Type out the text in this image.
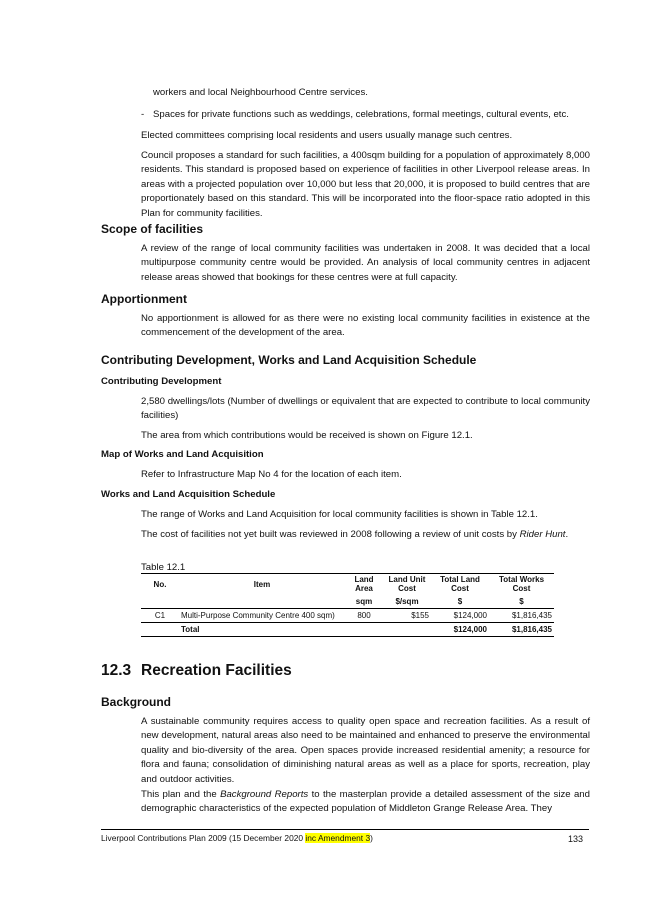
workers and local Neighbourhood Centre services.
- Spaces for private functions such as weddings, celebrations, formal meetings, cultural events, etc.
Elected committees comprising local residents and users usually manage such centres.
Council proposes a standard for such facilities, a 400sqm building for a population of approximately 8,000 residents. This standard is proposed based on experience of facilities in other Liverpool release areas. In areas with a projected population over 10,000 but less that 20,000, it is proposed to build centres that are proportionately based on this standard. This will be incorporated into the floor-space ratio adopted in this Plan for community facilities.
Scope of facilities
A review of the range of local community facilities was undertaken in 2008. It was decided that a local multipurpose community centre would be provided. An analysis of local community centres in adjacent release areas showed that bookings for these centres were at full capacity.
Apportionment
No apportionment is allowed for as there were no existing local community facilities in existence at the commencement of the development of the area.
Contributing Development, Works and Land Acquisition Schedule
Contributing Development
2,580 dwellings/lots (Number of dwellings or equivalent that are expected to contribute to local community facilities)
The area from which contributions would be received is shown on Figure 12.1.
Map of Works and Land Acquisition
Refer to Infrastructure Map No 4 for the location of each item.
Works and Land Acquisition Schedule
The range of Works and Land Acquisition for local community facilities is shown in Table 12.1.
The cost of facilities not yet built was reviewed in 2008 following a review of unit costs by Rider Hunt.
Table 12.1
No.	Item	Land Area	Land Unit Cost	Total Land Cost	Total Works Cost
		sqm	$/sqm	$	$
C1	Multi-Purpose Community Centre 400 sqm)	800	$155	$124,000	$1,816,435
	Total			$124,000	$1,816,435
12.3 Recreation Facilities
Background
A sustainable community requires access to quality open space and recreation facilities. As a result of new development, natural areas also need to be maintained and enhanced to preserve the environmental quality and bio-diversity of the area. Open spaces provide increased residential amenity; a resource for flora and fauna; consolidation of diminishing natural areas as well as a place for sports, recreation, play and outdoor activities.
This plan and the Background Reports to the masterplan provide a detailed assessment of the size and demographic characteristics of the expected population of Middleton Grange Release Area. They
Liverpool Contributions Plan 2009 (15 December 2020 inc Amendment 3)	133
